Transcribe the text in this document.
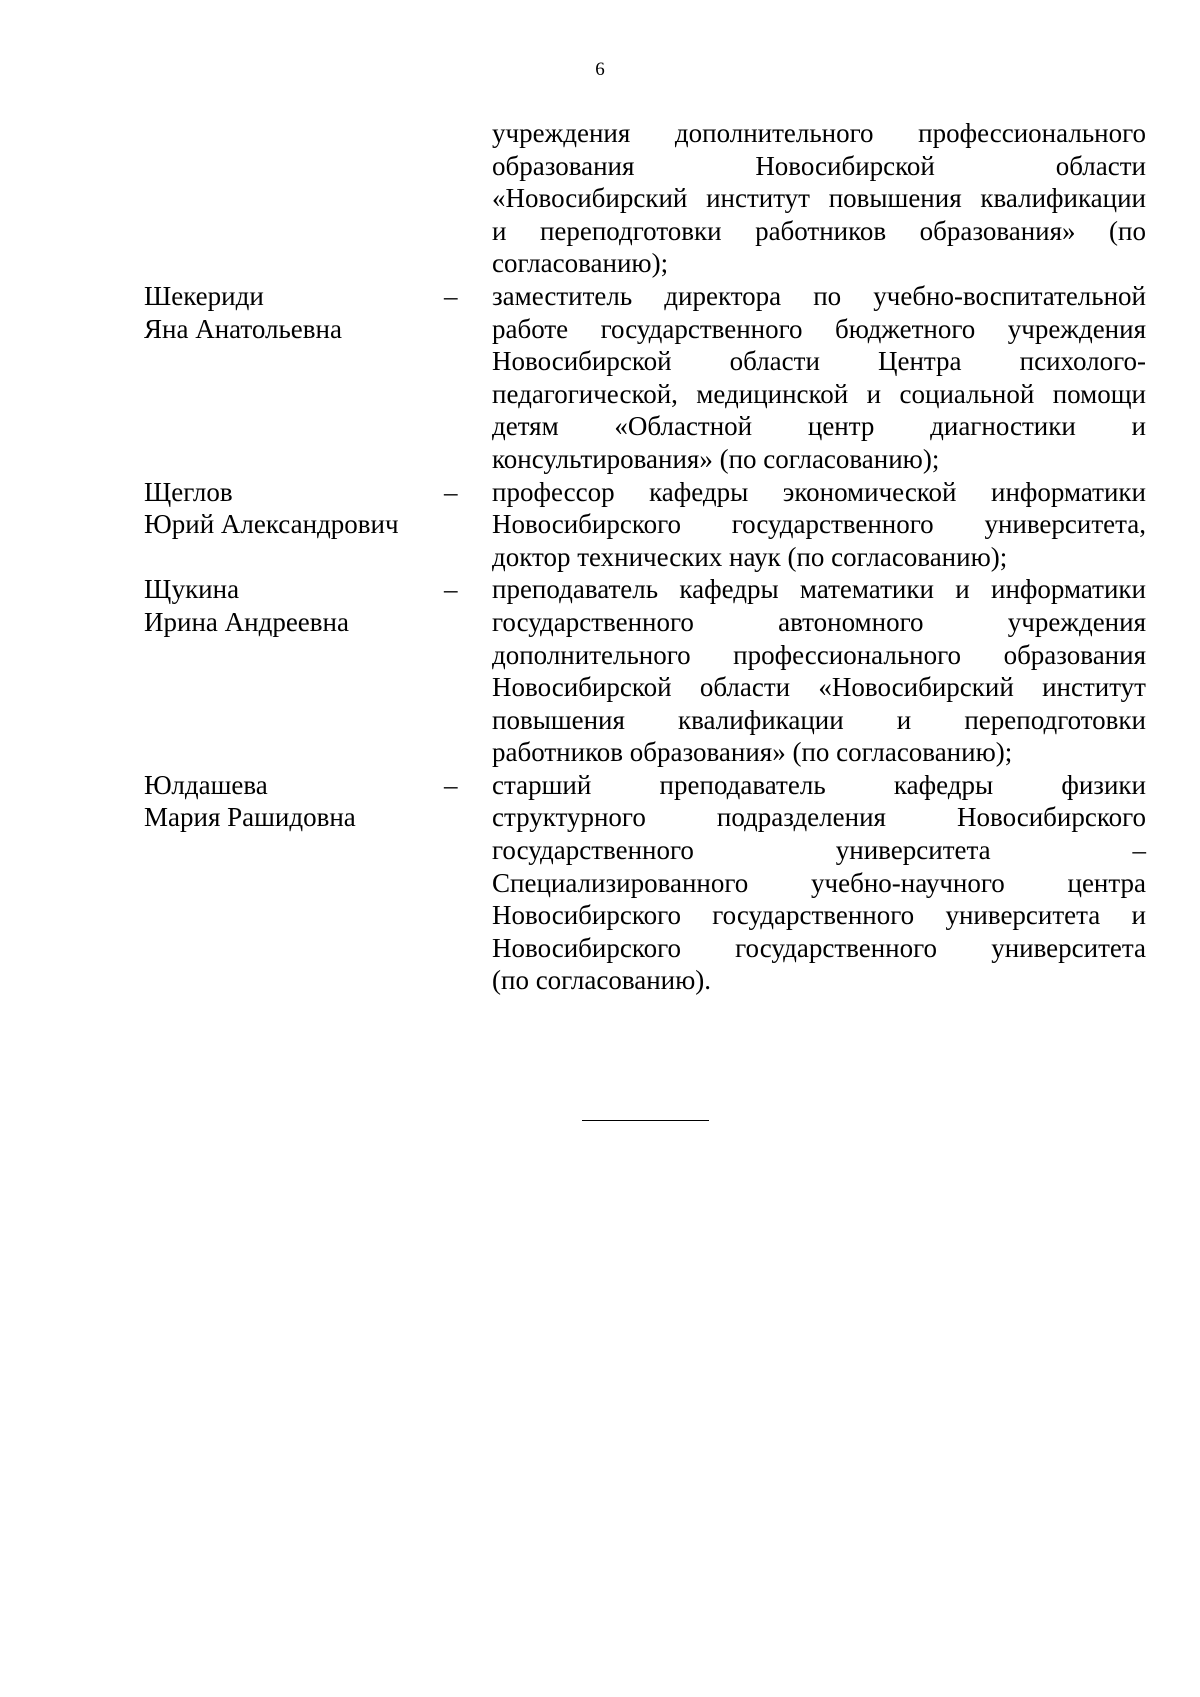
6
учреждения дополнительного профессионального
образования Новосибирской области
«Новосибирский институт повышения квалификации
и переподготовки работников образования» (по
согласованию);
Шекериди
Яна Анатольевна
– заместитель директора по учебно-воспитательной
работе государственного бюджетного учреждения
Новосибирской области Центра психолого-
педагогической, медицинской и социальной помощи
детям «Областной центр диагностики и
консультирования» (по согласованию);
Щеглов
Юрий Александрович
– профессор кафедры экономической информатики
Новосибирского государственного университета,
доктор технических наук (по согласованию);
Щукина
Ирина Андреевна
– преподаватель кафедры математики и информатики
государственного автономного учреждения
дополнительного профессионального образования
Новосибирской области «Новосибирский институт
повышения квалификации и переподготовки
работников образования» (по согласованию);
Юлдашева
Мария Рашидовна
– старший преподаватель кафедры физики
структурного подразделения Новосибирского
государственного университета –
Специализированного учебно-научного центра
Новосибирского государственного университета и
Новосибирского государственного университета
(по согласованию).
